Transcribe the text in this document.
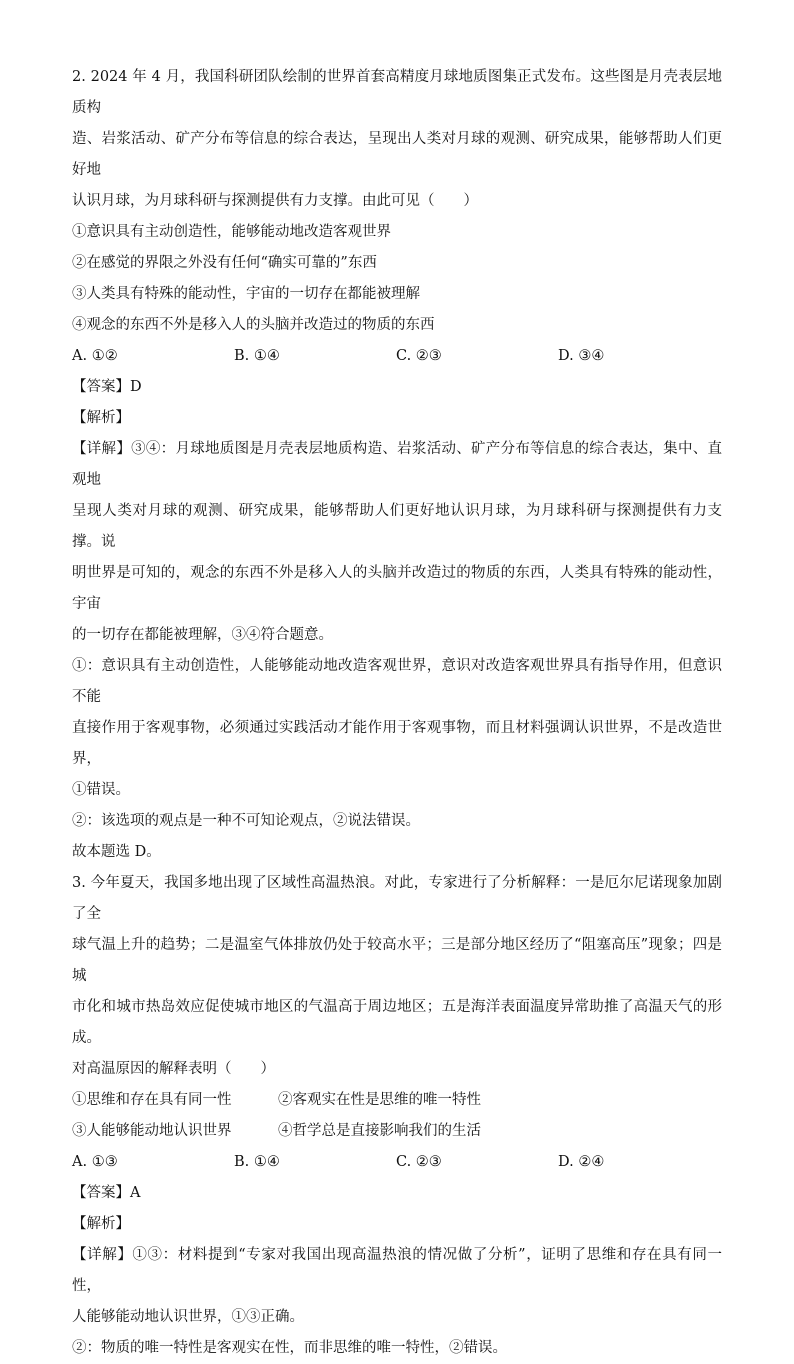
2. 2024 年 4 月，我国科研团队绘制的世界首套高精度月球地质图集正式发布。这些图是月壳表层地质构

造、岩浆活动、矿产分布等信息的综合表达，呈现出人类对月球的观测、研究成果，能够帮助人们更好地

认识月球，为月球科研与探测提供有力支撑。由此可见（　　）

①意识具有主动创造性，能够能动地改造客观世界

②在感觉的界限之外没有任何“确实可靠的”东西

③人类具有特殊的能动性，宇宙的一切存在都能被理解

④观念的东西不外是移入人的头脑并改造过的物质的东西

A. ①②	B. ①④	C. ②③	D. ③④

【答案】D

【解析】

【详解】③④：月球地质图是月壳表层地质构造、岩浆活动、矿产分布等信息的综合表达，集中、直观地

呈现人类对月球的观测、研究成果，能够帮助人们更好地认识月球，为月球科研与探测提供有力支撑。说

明世界是可知的，观念的东西不外是移入人的头脑并改造过的物质的东西，人类具有特殊的能动性，宇宙

的一切存在都能被理解，③④符合题意。

①：意识具有主动创造性，人能够能动地改造客观世界，意识对改造客观世界具有指导作用，但意识不能

直接作用于客观事物，必须通过实践活动才能作用于客观事物，而且材料强调认识世界，不是改造世界，

①错误。

②：该选项的观点是一种不可知论观点，②说法错误。

故本题选 D。

3. 今年夏天，我国多地出现了区域性高温热浪。对此，专家进行了分析解释：一是厄尔尼诺现象加剧了全

球气温上升的趋势；二是温室气体排放仍处于较高水平；三是部分地区经历了“阻塞高压”现象；四是城

市化和城市热岛效应促使城市地区的气温高于周边地区；五是海洋表面温度异常助推了高温天气的形成。

对高温原因的解释表明（　　）

①思维和存在具有同一性	②客观实在性是思维的唯一特性
③人能够能动地认识世界	④哲学总是直接影响我们的生活
A. ①③	B. ①④	C. ②③	D. ②④

【答案】A

【解析】

【详解】①③：材料提到“专家对我国出现高温热浪的情况做了分析”，证明了思维和存在具有同一性，

人能够能动地认识世界，①③正确。

②：物质的唯一特性是客观实在性，而非思维的唯一特性，②错误。
